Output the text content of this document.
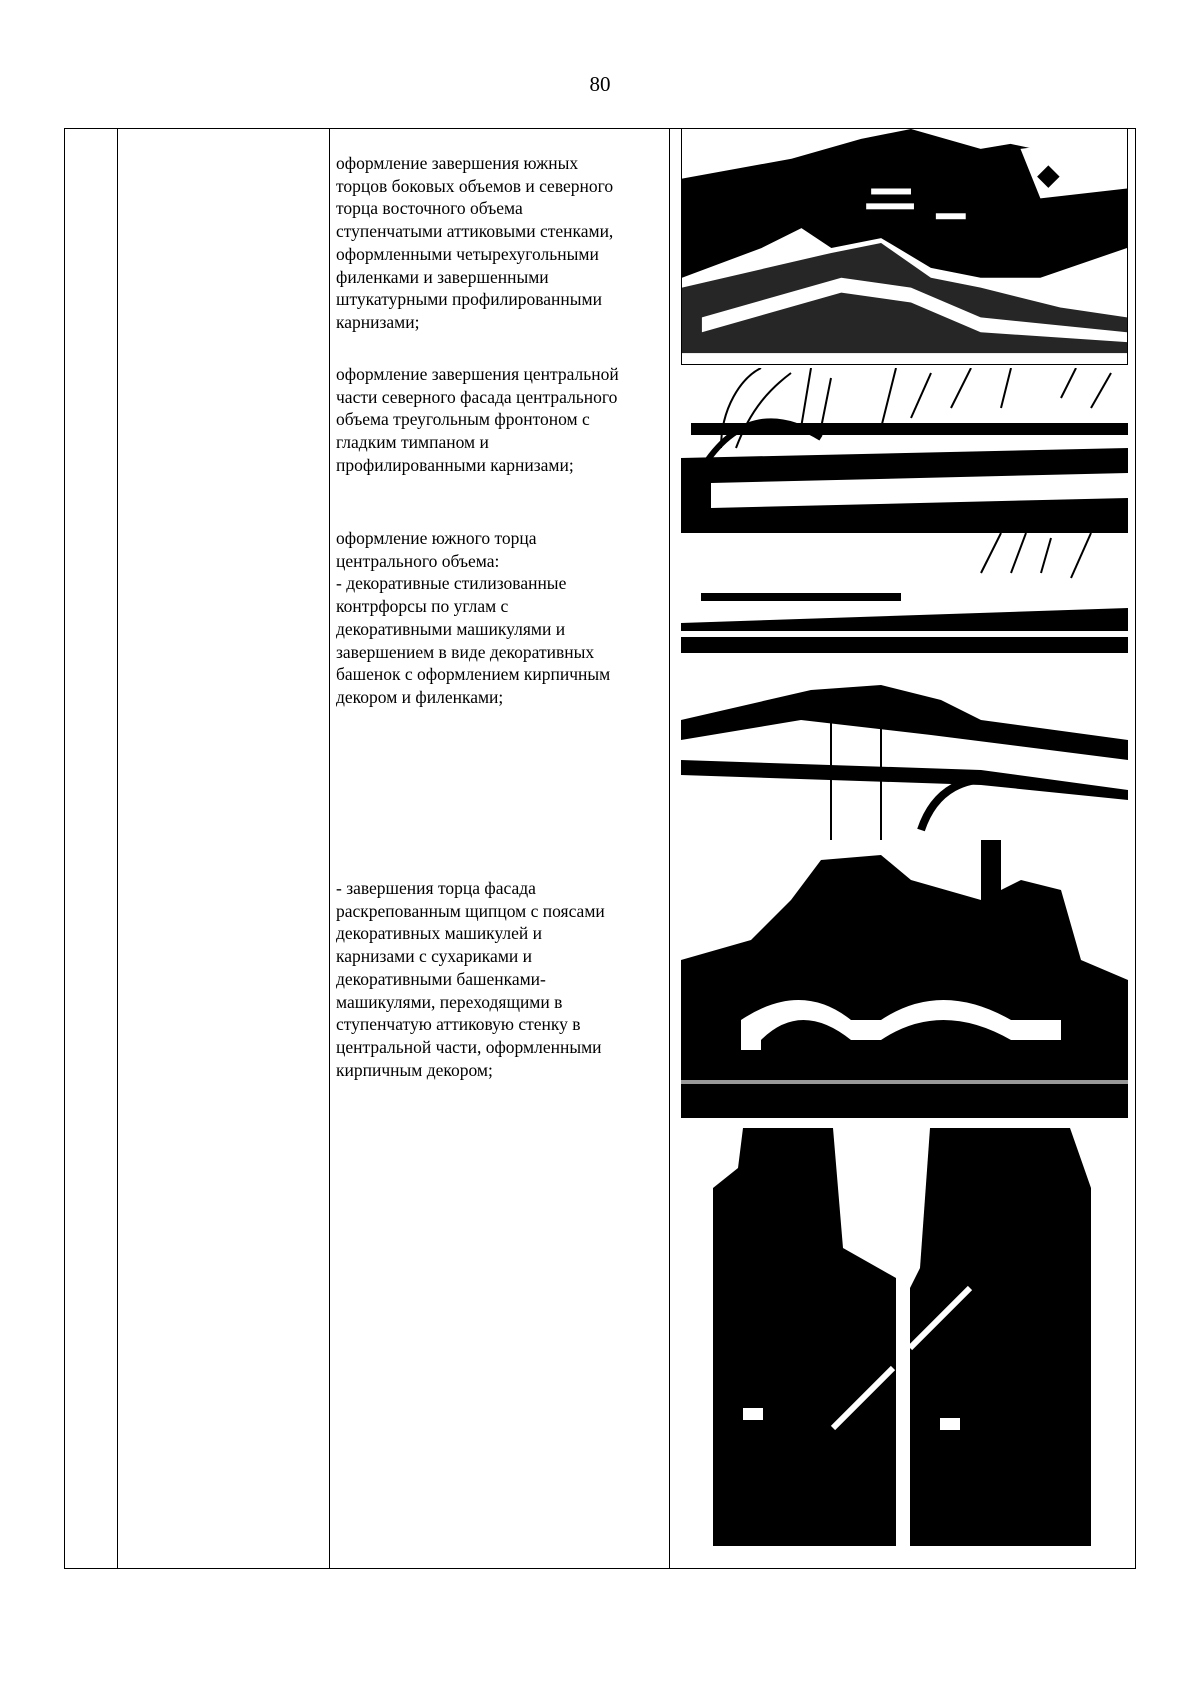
80
оформление завершения южных
торцов боковых объемов и северного
торца восточного объема
ступенчатыми аттиковыми стенками,
оформленными четырехугольными
филенками и завершенными
штукатурными профилированными
карнизами;
оформление завершения центральной
части северного фасада центрального
объема треугольным фронтоном с
гладким тимпаном и
профилированными карнизами;
оформление южного торца
центрального объема:
- декоративные стилизованные
контрфорсы по углам с
декоративными машикулями и
завершением в виде декоративных
башенок с оформлением кирпичным
декором и филенками;
- завершения торца фасада
раскрепованным щипцом с поясами
декоративных машикулей и
карнизами с сухариками и
декоративными башенками-
машикулями, переходящими в
ступенчатую аттиковую стенку в
центральной части, оформленными
кирпичным декором;
